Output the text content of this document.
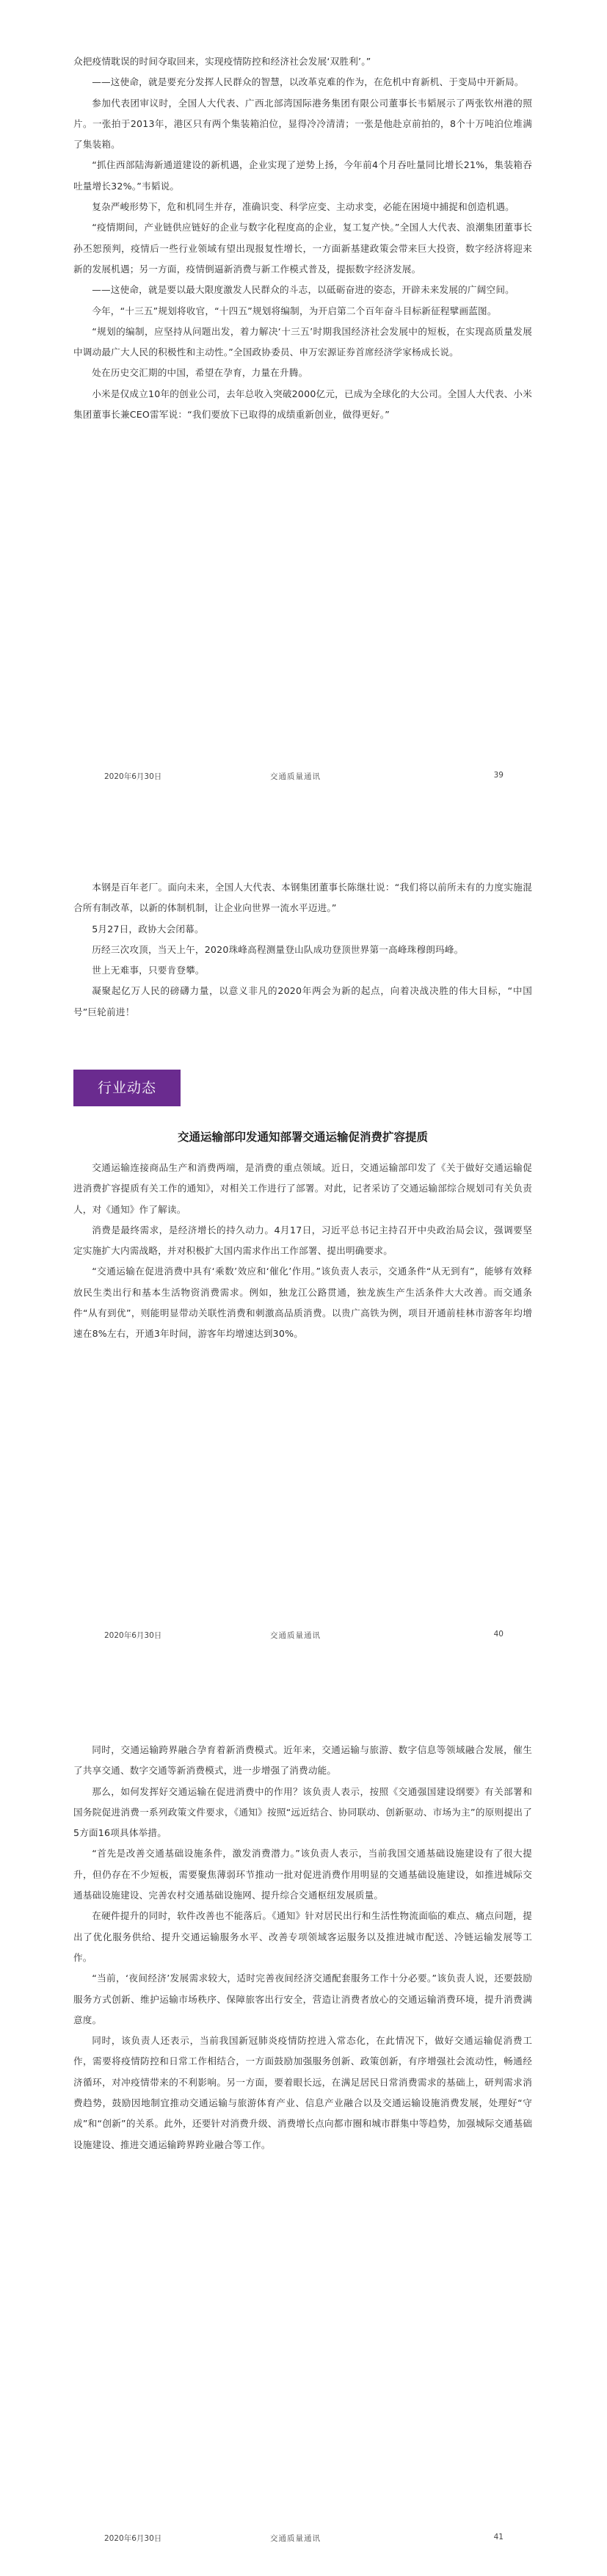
众把疫情耽误的时间夺取回来，实现疫情防控和经济社会发展‘双胜利’。”

——这使命，就是要充分发挥人民群众的智慧，以改革克难的作为，在危机中育新机、于变局中开新局。

参加代表团审议时，全国人大代表、广西北部湾国际港务集团有限公司董事长韦韬展示了两张钦州港的照片。一张拍于2013年，港区只有两个集装箱泊位，显得冷冷清清；一张是他赴京前拍的，8个十万吨泊位堆满了集装箱。

“抓住西部陆海新通道建设的新机遇，企业实现了逆势上扬，今年前4个月吞吐量同比增长21%，集装箱吞吐量增长32%。”韦韬说。

复杂严峻形势下，危和机同生并存，准确识变、科学应变、主动求变，必能在困境中捕捉和创造机遇。

“疫情期间，产业链供应链好的企业与数字化程度高的企业，复工复产快。”全国人大代表、浪潮集团董事长孙丕恕预判，疫情后一些行业领域有望出现报复性增长，一方面新基建政策会带来巨大投资，数字经济将迎来新的发展机遇；另一方面，疫情倒逼新消费与新工作模式普及，提振数字经济发展。

——这使命，就是要以最大限度激发人民群众的斗志，以砥砺奋进的姿态，开辟未来发展的广阔空间。

今年，“十三五”规划将收官，“十四五”规划将编制，为开启第二个百年奋斗目标新征程擘画蓝图。

“规划的编制，应坚持从问题出发，着力解决‘十三五’时期我国经济社会发展中的短板，在实现高质量发展中调动最广大人民的积极性和主动性。”全国政协委员、申万宏源证券首席经济学家杨成长说。

处在历史交汇期的中国，希望在孕育，力量在升腾。

小米是仅成立10年的创业公司，去年总收入突破2000亿元，已成为全球化的大公司。全国人大代表、小米集团董事长兼CEO雷军说：“我们要放下已取得的成绩重新创业，做得更好。”

2020年6月30日	交通质量通讯	39

本钢是百年老厂。面向未来，全国人大代表、本钢集团董事长陈继壮说：“我们将以前所未有的力度实施混合所有制改革，以新的体制机制，让企业向世界一流水平迈进。”

5月27日，政协大会闭幕。

历经三次攻顶，当天上午，2020珠峰高程测量登山队成功登顶世界第一高峰珠穆朗玛峰。

世上无难事，只要肯登攀。

凝聚起亿万人民的磅礴力量，以意义非凡的2020年两会为新的起点，向着决战决胜的伟大目标，“中国号”巨轮前进！

行业动态
交通运输部印发通知部署交通运输促消费扩容提质

交通运输连接商品生产和消费两端，是消费的重点领域。近日，交通运输部印发了《关于做好交通运输促进消费扩容提质有关工作的通知》，对相关工作进行了部署。对此，记者采访了交通运输部综合规划司有关负责人，对《通知》作了解读。

消费是最终需求，是经济增长的持久动力。4月17日，习近平总书记主持召开中央政治局会议，强调要坚定实施扩大内需战略，并对积极扩大国内需求作出工作部署、提出明确要求。

“交通运输在促进消费中具有‘乘数’效应和‘催化’作用。”该负责人表示，交通条件“从无到有”，能够有效释放民生类出行和基本生活物资消费需求。例如，独龙江公路贯通，独龙族生产生活条件大大改善。而交通条件“从有到优”，则能明显带动关联性消费和刺激高品质消费。以贵广高铁为例，项目开通前桂林市游客年均增速在8%左右，开通3年时间，游客年均增速达到30%。

2020年6月30日	交通质量通讯	40

同时，交通运输跨界融合孕育着新消费模式。近年来，交通运输与旅游、数字信息等领域融合发展，催生了共享交通、数字交通等新消费模式，进一步增强了消费动能。

那么，如何发挥好交通运输在促进消费中的作用？该负责人表示，按照《交通强国建设纲要》有关部署和国务院促进消费一系列政策文件要求，《通知》按照“远近结合、协同联动、创新驱动、市场为主”的原则提出了5方面16项具体举措。

“首先是改善交通基础设施条件，激发消费潜力。”该负责人表示，当前我国交通基础设施建设有了很大提升，但仍存在不少短板，需要聚焦薄弱环节推动一批对促进消费作用明显的交通基础设施建设，如推进城际交通基础设施建设、完善农村交通基础设施网、提升综合交通枢纽发展质量。

在硬件提升的同时，软件改善也不能落后。《通知》针对居民出行和生活性物流面临的难点、痛点问题，提出了优化服务供给、提升交通运输服务水平、改善专项领域客运服务以及推进城市配送、冷链运输发展等工作。

“当前，‘夜间经济’发展需求较大，适时完善夜间经济交通配套服务工作十分必要。”该负责人说，还要鼓励服务方式创新、维护运输市场秩序、保障旅客出行安全，营造让消费者放心的交通运输消费环境，提升消费满意度。

同时，该负责人还表示，当前我国新冠肺炎疫情防控进入常态化，在此情况下，做好交通运输促消费工作，需要将疫情防控和日常工作相结合，一方面鼓励加强服务创新、政策创新，有序增强社会流动性，畅通经济循环，对冲疫情带来的不利影响。另一方面，要着眼长远，在满足居民日常消费需求的基础上，研判需求消费趋势，鼓励因地制宜推动交通运输与旅游体育产业、信息产业融合以及交通运输设施消费发展，处理好“守成”和“创新”的关系。此外，还要针对消费升级、消费增长点向都市圈和城市群集中等趋势，加强城际交通基础设施建设、推进交通运输跨界跨业融合等工作。

2020年6月30日	交通质量通讯	41
